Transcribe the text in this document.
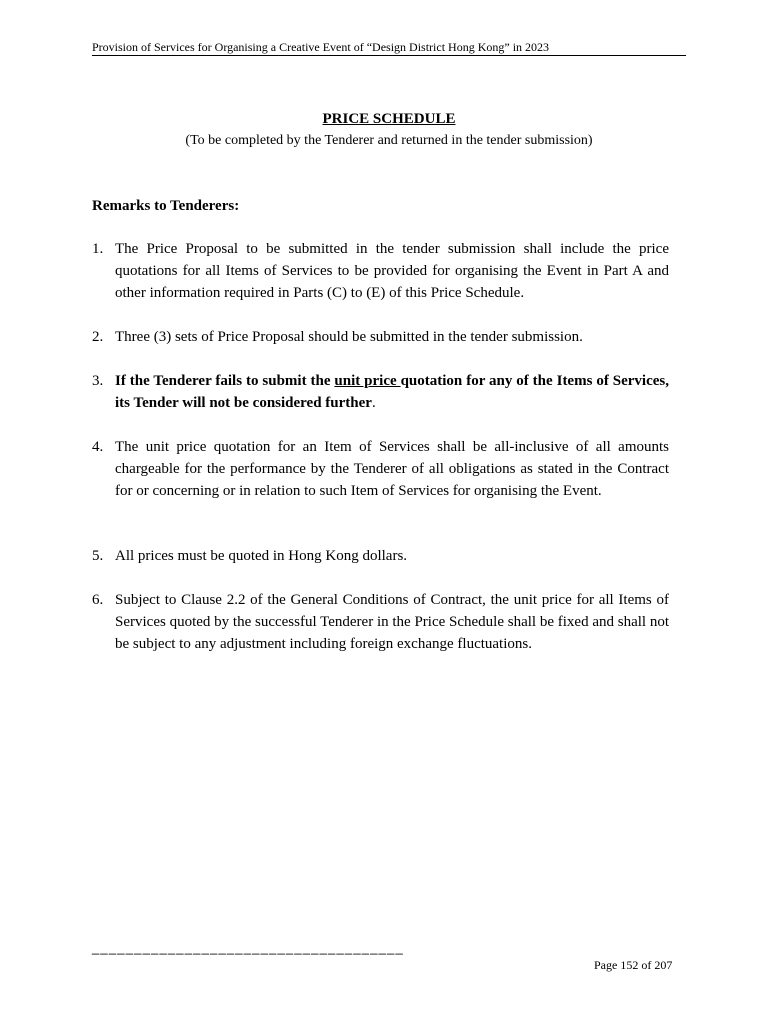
Provision of Services for Organising a Creative Event of “Design District Hong Kong” in 2023
PRICE SCHEDULE
(To be completed by the Tenderer and returned in the tender submission)
Remarks to Tenderers:
1. The Price Proposal to be submitted in the tender submission shall include the price quotations for all Items of Services to be provided for organising the Event in Part A and other information required in Parts (C) to (E) of this Price Schedule.
2. Three (3) sets of Price Proposal should be submitted in the tender submission.
3. If the Tenderer fails to submit the unit price quotation for any of the Items of Services, its Tender will not be considered further.
4. The unit price quotation for an Item of Services shall be all-inclusive of all amounts chargeable for the performance by the Tenderer of all obligations as stated in the Contract for or concerning or in relation to such Item of Services for organising the Event.
5. All prices must be quoted in Hong Kong dollars.
6. Subject to Clause 2.2 of the General Conditions of Contract, the unit price for all Items of Services quoted by the successful Tenderer in the Price Schedule shall be fixed and shall not be subject to any adjustment including foreign exchange fluctuations.
_____________________________________
Page 152 of 207
